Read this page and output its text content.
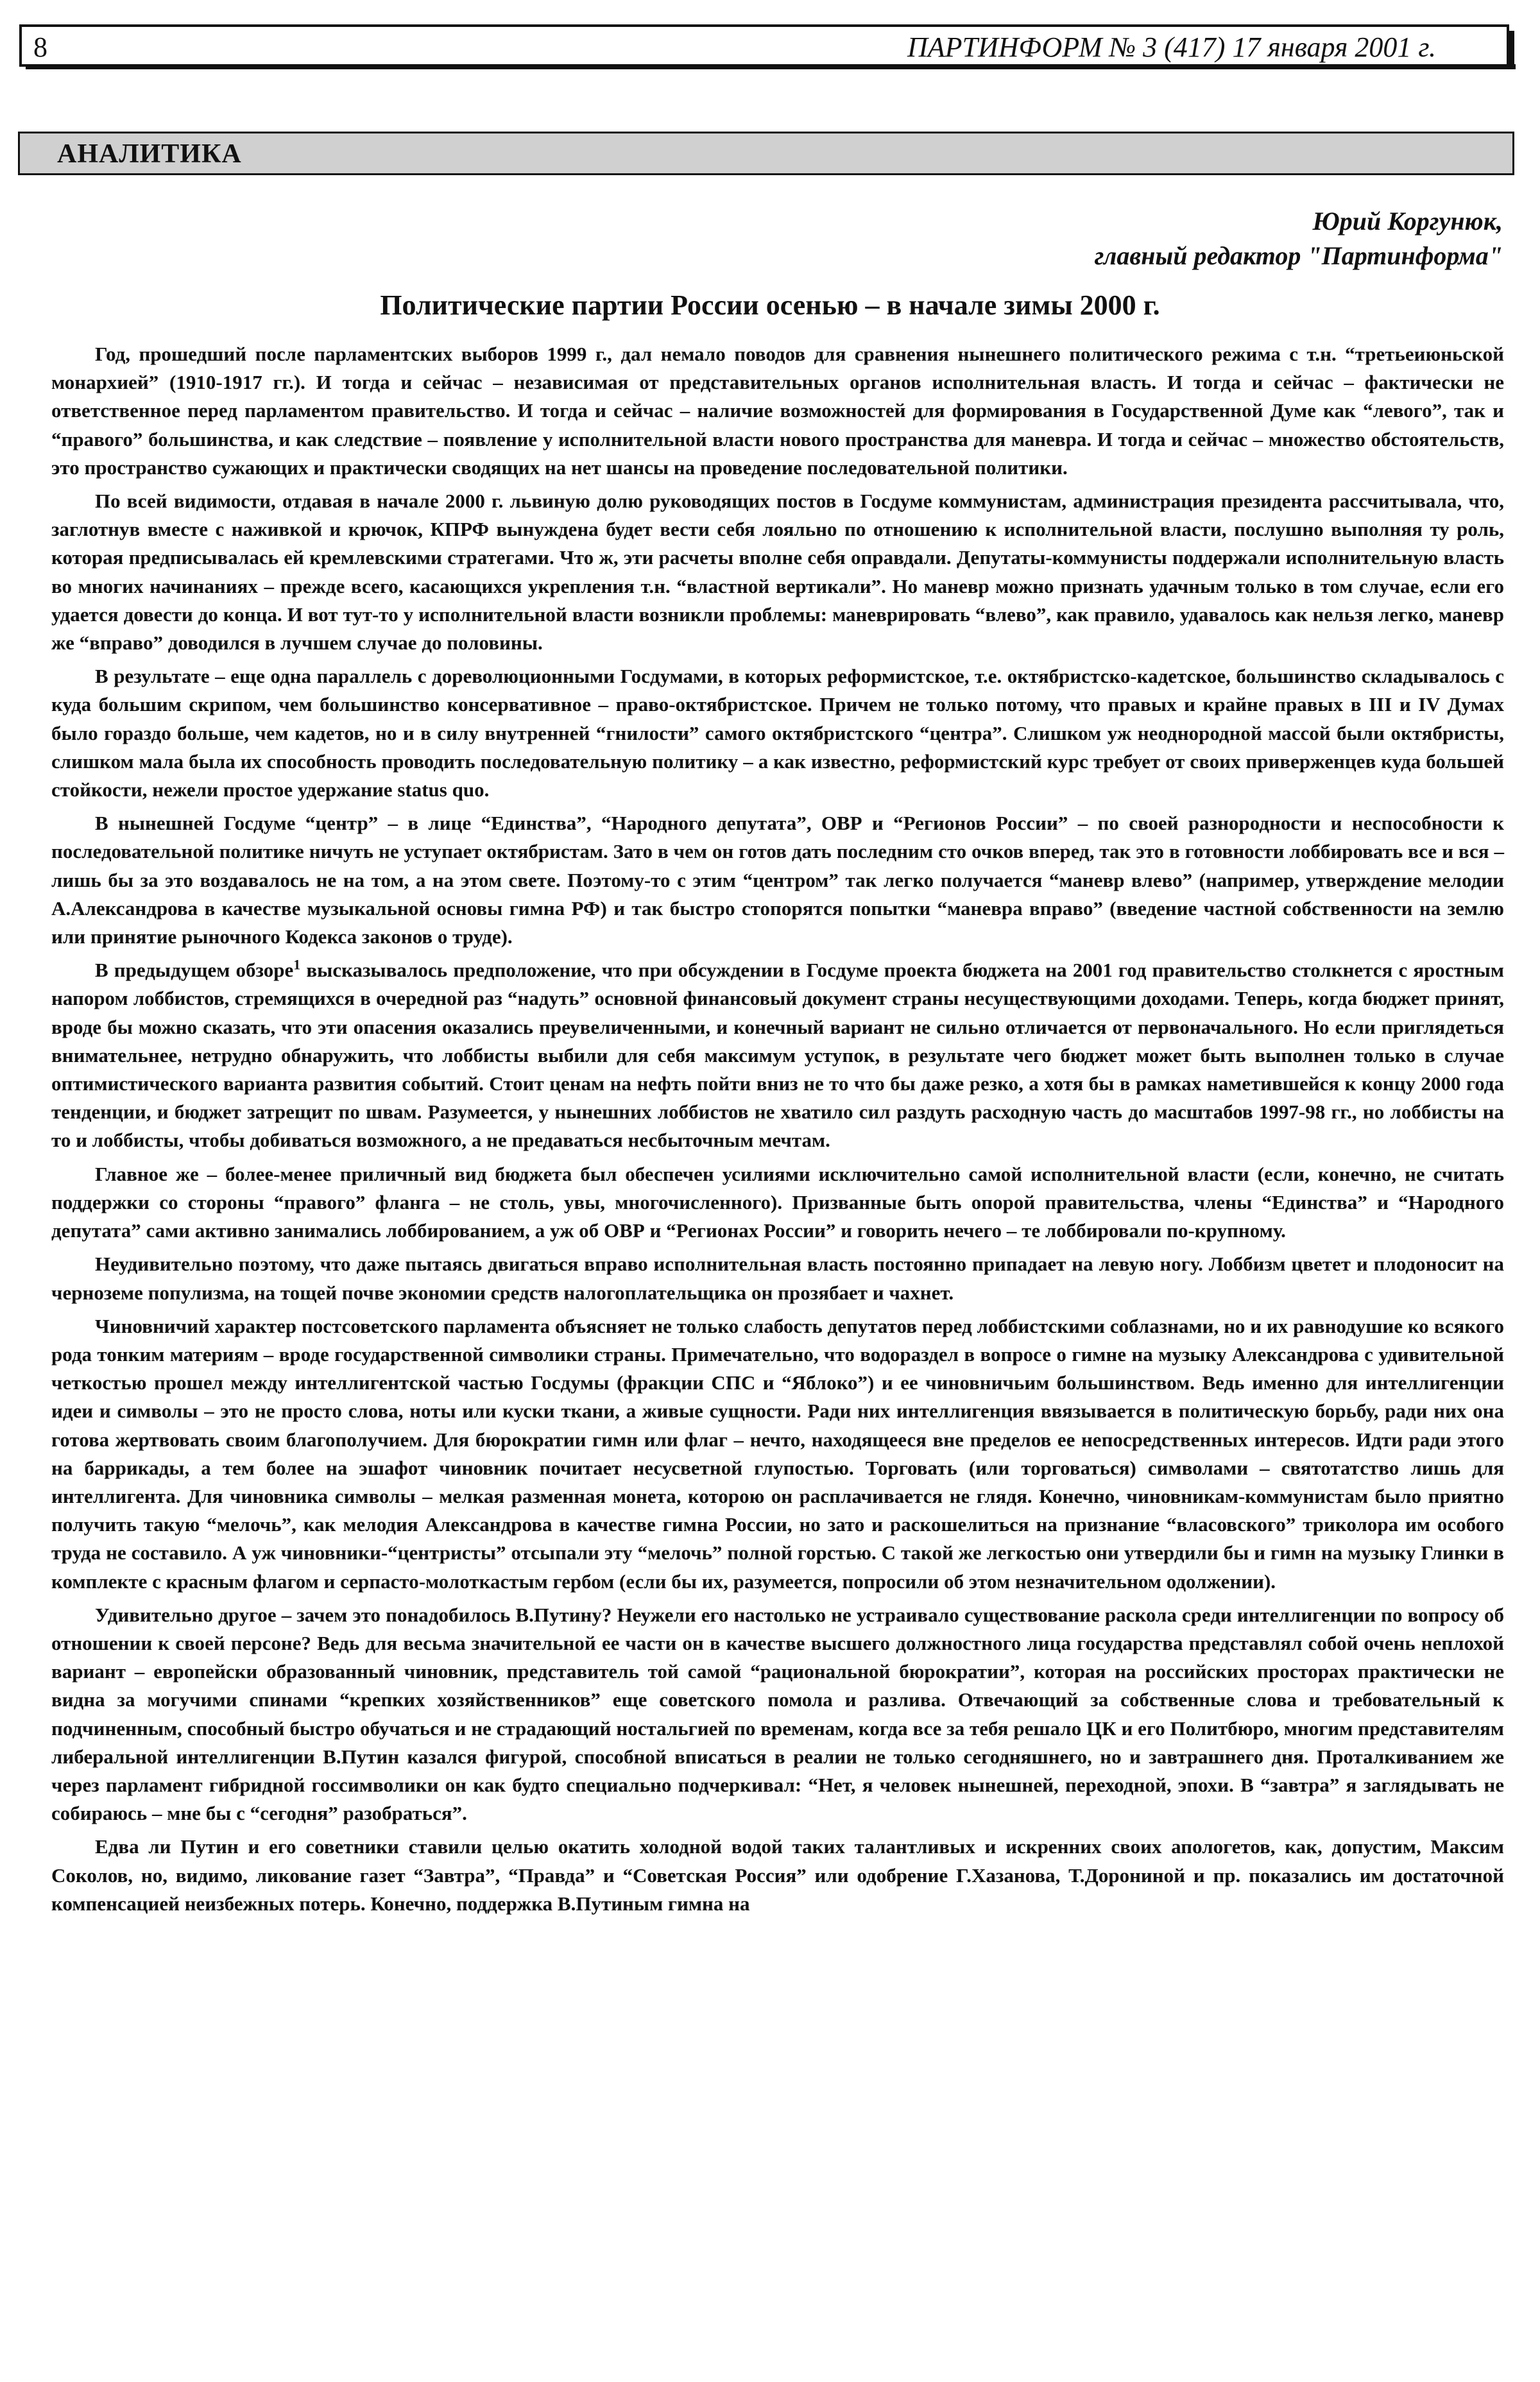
8	ПАРТИНФОРМ № 3 (417) 17 января 2001 г.
АНАЛИТИКА
Юрий Коргунюк,
главный редактор "Партинформа"
Политические партии России осенью – в начале зимы 2000 г.

Год, прошедший после парламентских выборов 1999 г., дал немало поводов для сравнения нынешнего политического режима с т.н. “третьеиюньской монархией” (1910-1917 гг.). И тогда и сейчас – независимая от представительных органов исполнительная власть. И тогда и сейчас – фактически не ответственное перед парламентом правительство. И тогда и сейчас – наличие возможностей для формирования в Государственной Думе как “левого”, так и “правого” большинства, и как следствие – появление у исполнительной власти нового пространства для маневра. И тогда и сейчас – множество обстоятельств, это пространство сужающих и практически сводящих на нет шансы на проведение последовательной политики.

По всей видимости, отдавая в начале 2000 г. львиную долю руководящих постов в Госдуме коммунистам, администрация президента рассчитывала, что, заглотнув вместе с наживкой и крючок, КПРФ вынуждена будет вести себя лояльно по отношению к исполнительной власти, послушно выполняя ту роль, которая предписывалась ей кремлевскими стратегами. Что ж, эти расчеты вполне себя оправдали. Депутаты-коммунисты поддержали исполнительную власть во многих начинаниях – прежде всего, касающихся укрепления т.н. “властной вертикали”. Но маневр можно признать удачным только в том случае, если его удается довести до конца. И вот тут-то у исполнительной власти возникли проблемы: маневрировать “влево”, как правило, удавалось как нельзя легко, маневр же “вправо” доводился в лучшем случае до половины.

В результате – еще одна параллель с дореволюционными Госдумами, в которых реформистское, т.е. октябристско-кадетское, большинство складывалось с куда большим скрипом, чем большинство консервативное – право-октябристское. Причем не только потому, что правых и крайне правых в III и IV Думах было гораздо больше, чем кадетов, но и в силу внутренней “гнилости” самого октябристского “центра”. Слишком уж неоднородной массой были октябристы, слишком мала была их способность проводить последовательную политику – а как известно, реформистский курс требует от своих приверженцев куда большей стойкости, нежели простое удержание status quo.

В нынешней Госдуме “центр” – в лице “Единства”, “Народного депутата”, ОВР и “Регионов России” – по своей разнородности и неспособности к последовательной политике ничуть не уступает октябристам. Зато в чем он готов дать последним сто очков вперед, так это в готовности лоббировать все и вся – лишь бы за это воздавалось не на том, а на этом свете. Поэтому-то с этим “центром” так легко получается “маневр влево” (например, утверждение мелодии А.Александрова в качестве музыкальной основы гимна РФ) и так быстро стопорятся попытки “маневра вправо” (введение частной собственности на землю или принятие рыночного Кодекса законов о труде).

В предыдущем обзоре$^1$ высказывалось предположение, что при обсуждении в Госдуме проекта бюджета на 2001 год правительство столкнется с яростным напором лоббистов, стремящихся в очередной раз “надуть” основной финансовый документ страны несуществующими доходами. Теперь, когда бюджет принят, вроде бы можно сказать, что эти опасения оказались преувеличенными, и конечный вариант не сильно отличается от первоначального. Но если приглядеться внимательнее, нетрудно обнаружить, что лоббисты выбили для себя максимум уступок, в результате чего бюджет может быть выполнен только в случае оптимистического варианта развития событий. Стоит ценам на нефть пойти вниз не то что бы даже резко, а хотя бы в рамках наметившейся к концу 2000 года тенденции, и бюджет затрещит по швам. Разумеется, у нынешних лоббистов не хватило сил раздуть расходную часть до масштабов 1997-98 гг., но лоббисты на то и лоббисты, чтобы добиваться возможного, а не предаваться несбыточным мечтам.

Главное же – более-менее приличный вид бюджета был обеспечен усилиями исключительно самой исполнительной власти (если, конечно, не считать поддержки со стороны “правого” фланга – не столь, увы, многочисленного). Призванные быть опорой правительства, члены “Единства” и “Народного депутата” сами активно занимались лоббированием, а уж об ОВР и “Регионах России” и говорить нечего – те лоббировали по-крупному.

Неудивительно поэтому, что даже пытаясь двигаться вправо исполнительная власть постоянно припадает на левую ногу. Лоббизм цветет и плодоносит на черноземе популизма, на тощей почве экономии средств налогоплательщика он прозябает и чахнет.

Чиновничий характер постсоветского парламента объясняет не только слабость депутатов перед лоббистскими соблазнами, но и их равнодушие ко всякого рода тонким материям – вроде государственной символики страны. Примечательно, что водораздел в вопросе о гимне на музыку Александрова с удивительной четкостью прошел между интеллигентской частью Госдумы (фракции СПС и “Яблоко”) и ее чиновничьим большинством. Ведь именно для интеллигенции идеи и символы – это не просто слова, ноты или куски ткани, а живые сущности. Ради них интеллигенция ввязывается в политическую борьбу, ради них она готова жертвовать своим благополучием. Для бюрократии гимн или флаг – нечто, находящееся вне пределов ее непосредственных интересов. Идти ради этого на баррикады, а тем более на эшафот чиновник почитает несусветной глупостью. Торговать (или торговаться) символами – святотатство лишь для интеллигента. Для чиновника символы – мелкая разменная монета, которою он расплачивается не глядя. Конечно, чиновникам-коммунистам было приятно получить такую “мелочь”, как мелодия Александрова в качестве гимна России, но зато и раскошелиться на признание “власовского” триколора им особого труда не составило. А уж чиновники-“центристы” отсыпали эту “мелочь” полной горстью. С такой же легкостью они утвердили бы и гимн на музыку Глинки в комплекте с красным флагом и серпасто-молоткастым гербом (если бы их, разумеется, попросили об этом незначительном одолжении).

Удивительно другое – зачем это понадобилось В.Путину? Неужели его настолько не устраивало существование раскола среди интеллигенции по вопросу об отношении к своей персоне? Ведь для весьма значительной ее части он в качестве высшего должностного лица государства представлял собой очень неплохой вариант – европейски образованный чиновник, представитель той самой “рациональной бюрократии”, которая на российских просторах практически не видна за могучими спинами “крепких хозяйственников” еще советского помола и разлива. Отвечающий за собственные слова и требовательный к подчиненным, способный быстро обучаться и не страдающий ностальгией по временам, когда все за тебя решало ЦК и его Политбюро, многим представителям либеральной интеллигенции В.Путин казался фигурой, способной вписаться в реалии не только сегодняшнего, но и завтрашнего дня. Проталкиванием же через парламент гибридной госсимволики он как будто специально подчеркивал: “Нет, я человек нынешней, переходной, эпохи. В “завтра” я заглядывать не собираюсь – мне бы с “сегодня” разобраться”.

Едва ли Путин и его советники ставили целью окатить холодной водой таких талантливых и искренних своих апологетов, как, допустим, Максим Соколов, но, видимо, ликование газет “Завтра”, “Правда” и “Советская Россия” или одобрение Г.Хазанова, Т.Дорониной и пр. показались им достаточной компенсацией неизбежных потерь. Конечно, поддержка В.Путиным гимна на
